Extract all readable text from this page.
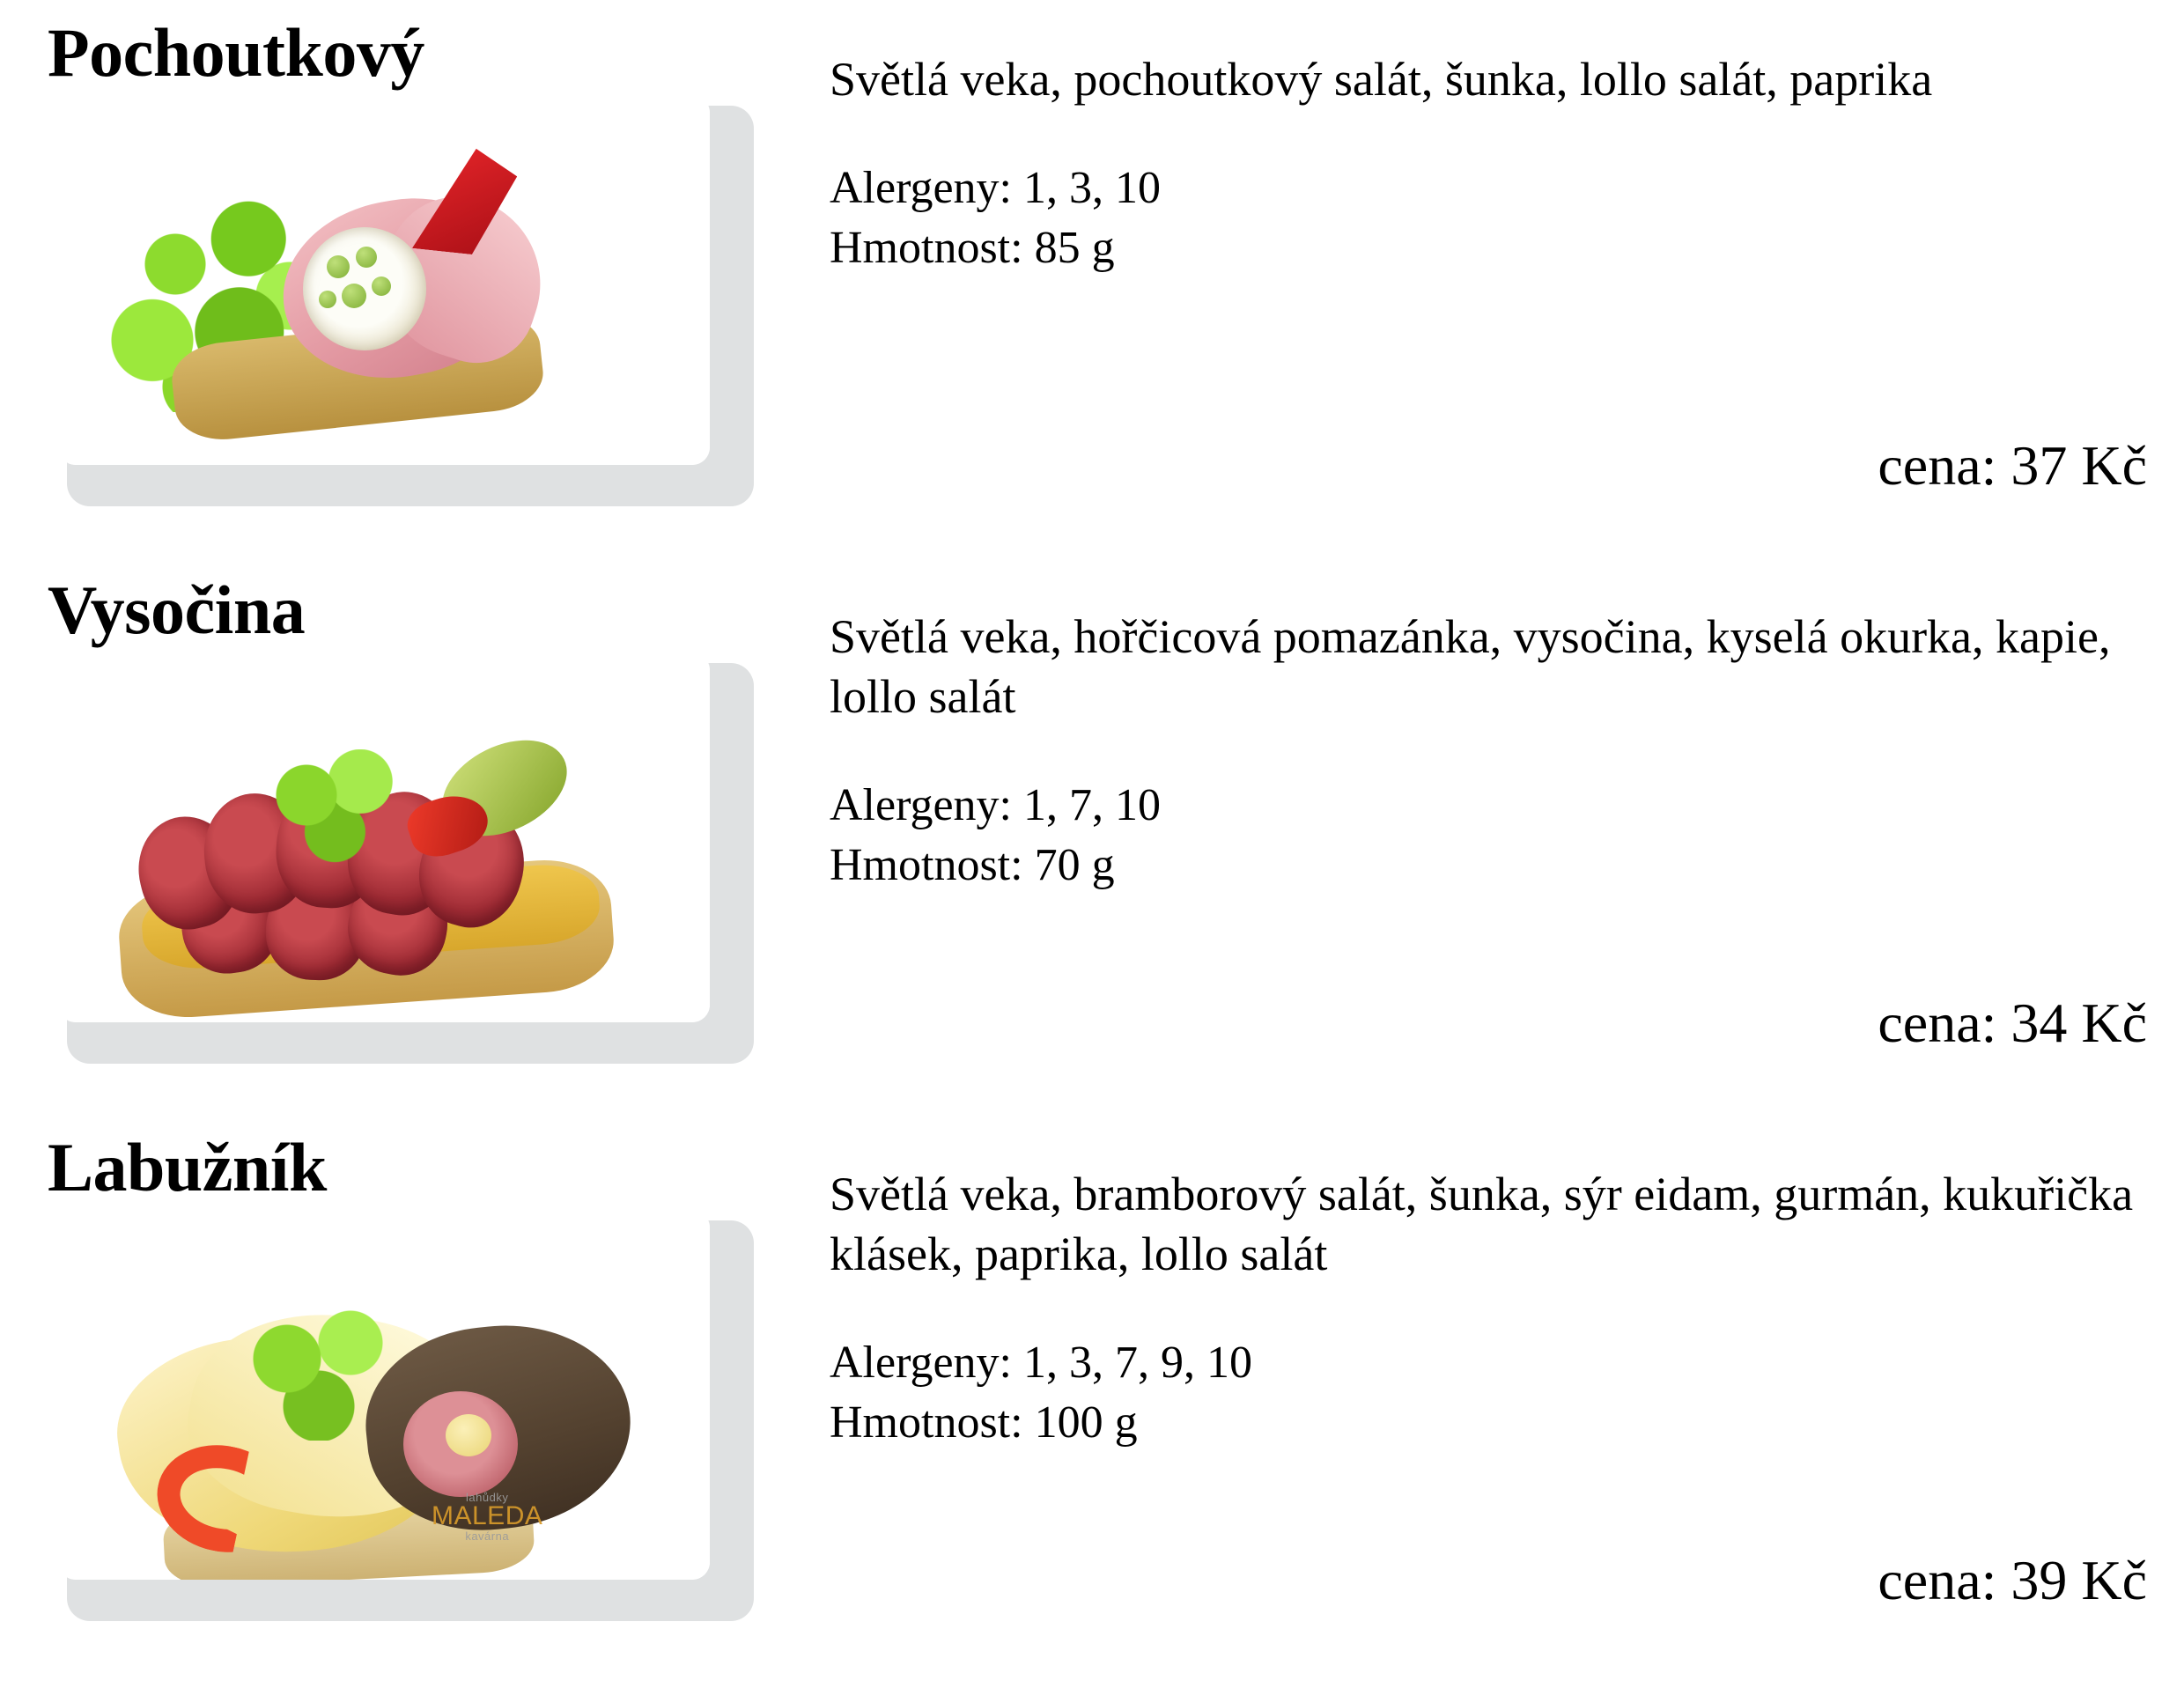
Pochoutkový	Světlá veka, pochoutkový salát, šunka, lollo salát, paprika
Alergeny: 1, 3, 10
Hmotnost: 85 g
cena: 37 Kč
Vysočina	Světlá veka, hořčicová pomazánka, vysočina, kyselá okurka, kapie, lollo salát
Alergeny: 1, 7, 10
Hmotnost: 70 g
cena: 34 Kč
Labužník
lahůdky
MALEDA
kavárna
Světlá veka, bramborový salát, šunka, sýr eidam, gurmán, kukuřička klásek, paprika, lollo salát
Alergeny: 1, 3, 7, 9, 10
Hmotnost: 100 g
cena: 39 Kč
